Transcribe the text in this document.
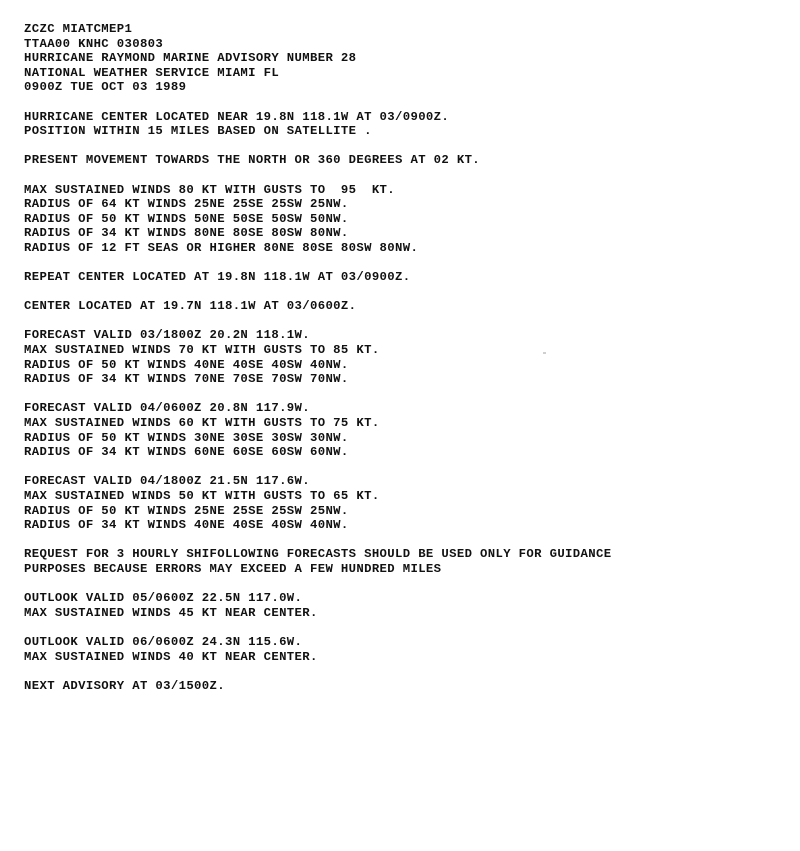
ZCZC MIATCMEP1
TTAA00 KNHC 030803
HURRICANE RAYMOND MARINE ADVISORY NUMBER 28
NATIONAL WEATHER SERVICE MIAMI FL
0900Z TUE OCT 03 1989
HURRICANE CENTER LOCATED NEAR 19.8N 118.1W AT 03/0900Z.
POSITION WITHIN 15 MILES BASED ON SATELLITE .
PRESENT MOVEMENT TOWARDS THE NORTH OR 360 DEGREES AT 02 KT.
MAX SUSTAINED WINDS 80 KT WITH GUSTS TO  95  KT.
RADIUS OF 64 KT WINDS 25NE 25SE 25SW 25NW.
RADIUS OF 50 KT WINDS 50NE 50SE 50SW 50NW.
RADIUS OF 34 KT WINDS 80NE 80SE 80SW 80NW.
RADIUS OF 12 FT SEAS OR HIGHER 80NE 80SE 80SW 80NW.
REPEAT CENTER LOCATED AT 19.8N 118.1W AT 03/0900Z.
CENTER LOCATED AT 19.7N 118.1W AT 03/0600Z.
FORECAST VALID 03/1800Z 20.2N 118.1W.
MAX SUSTAINED WINDS 70 KT WITH GUSTS TO 85 KT.
RADIUS OF 50 KT WINDS 40NE 40SE 40SW 40NW.
RADIUS OF 34 KT WINDS 70NE 70SE 70SW 70NW.
FORECAST VALID 04/0600Z 20.8N 117.9W.
MAX SUSTAINED WINDS 60 KT WITH GUSTS TO 75 KT.
RADIUS OF 50 KT WINDS 30NE 30SE 30SW 30NW.
RADIUS OF 34 KT WINDS 60NE 60SE 60SW 60NW.
FORECAST VALID 04/1800Z 21.5N 117.6W.
MAX SUSTAINED WINDS 50 KT WITH GUSTS TO 65 KT.
RADIUS OF 50 KT WINDS 25NE 25SE 25SW 25NW.
RADIUS OF 34 KT WINDS 40NE 40SE 40SW 40NW.
REQUEST FOR 3 HOURLY SHIFOLLOWING FORECASTS SHOULD BE USED ONLY FOR GUIDANCE
PURPOSES BECAUSE ERRORS MAY EXCEED A FEW HUNDRED MILES
OUTLOOK VALID 05/0600Z 22.5N 117.0W.
MAX SUSTAINED WINDS 45 KT NEAR CENTER.
OUTLOOK VALID 06/0600Z 24.3N 115.6W.
MAX SUSTAINED WINDS 40 KT NEAR CENTER.
NEXT ADVISORY AT 03/1500Z.
